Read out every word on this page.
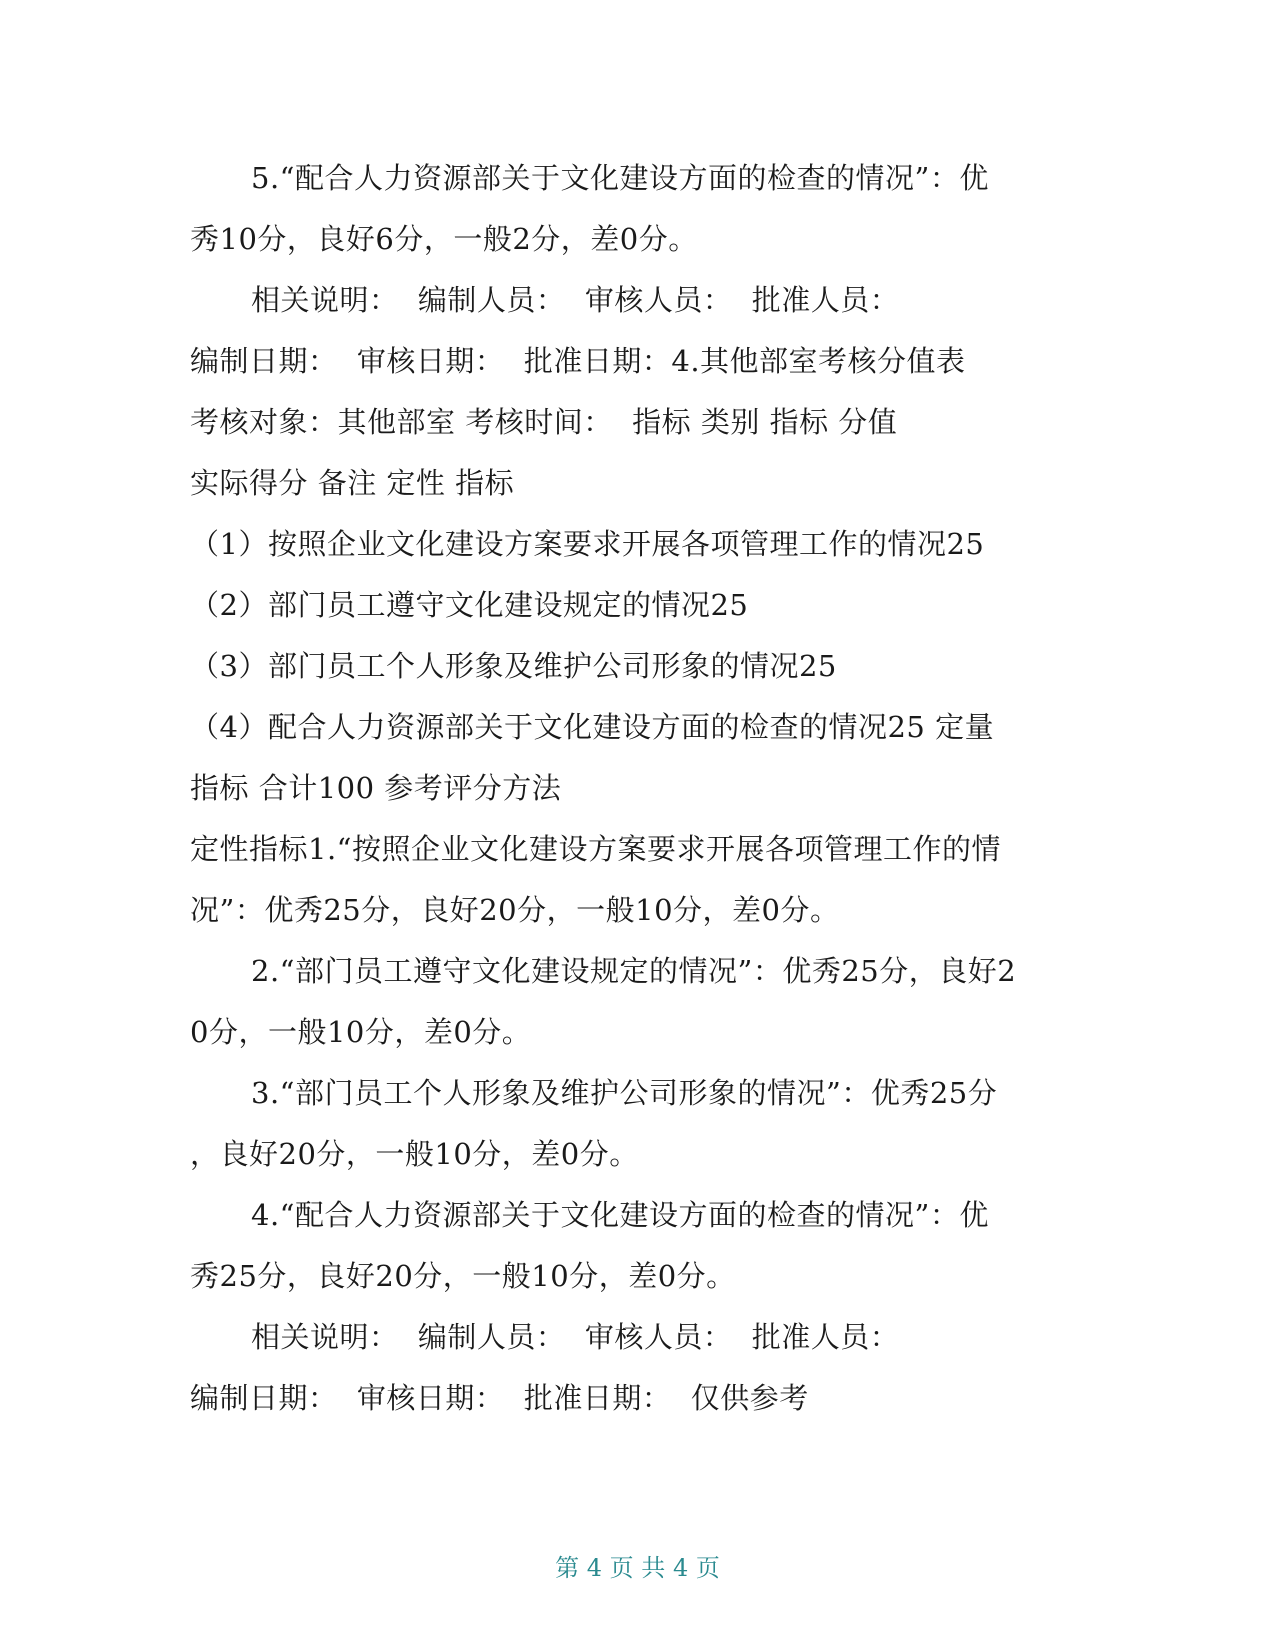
5.“配合人力资源部关于文化建设方面的检查的情况”：优
秀10分，良好6分，一般2分，差0分。
相关说明：  编制人员：  审核人员：  批准人员：
编制日期：  审核日期：  批准日期：4.其他部室考核分值表
考核对象：其他部室 考核时间：  指标 类别 指标 分值
实际得分 备注 定性 指标
（1）按照企业文化建设方案要求开展各项管理工作的情况25
（2）部门员工遵守文化建设规定的情况25
（3）部门员工个人形象及维护公司形象的情况25
（4）配合人力资源部关于文化建设方面的检查的情况25 定量
指标 合计100 参考评分方法
定性指标1.“按照企业文化建设方案要求开展各项管理工作的情
况”：优秀25分，良好20分，一般10分，差0分。
2.“部门员工遵守文化建设规定的情况”：优秀25分，良好2
0分，一般10分，差0分。
3.“部门员工个人形象及维护公司形象的情况”：优秀25分
，良好20分，一般10分，差0分。
4.“配合人力资源部关于文化建设方面的检查的情况”：优
秀25分，良好20分，一般10分，差0分。
相关说明：  编制人员：  审核人员：  批准人员：
编制日期：  审核日期：  批准日期：  仅供参考
第 4 页 共 4 页
